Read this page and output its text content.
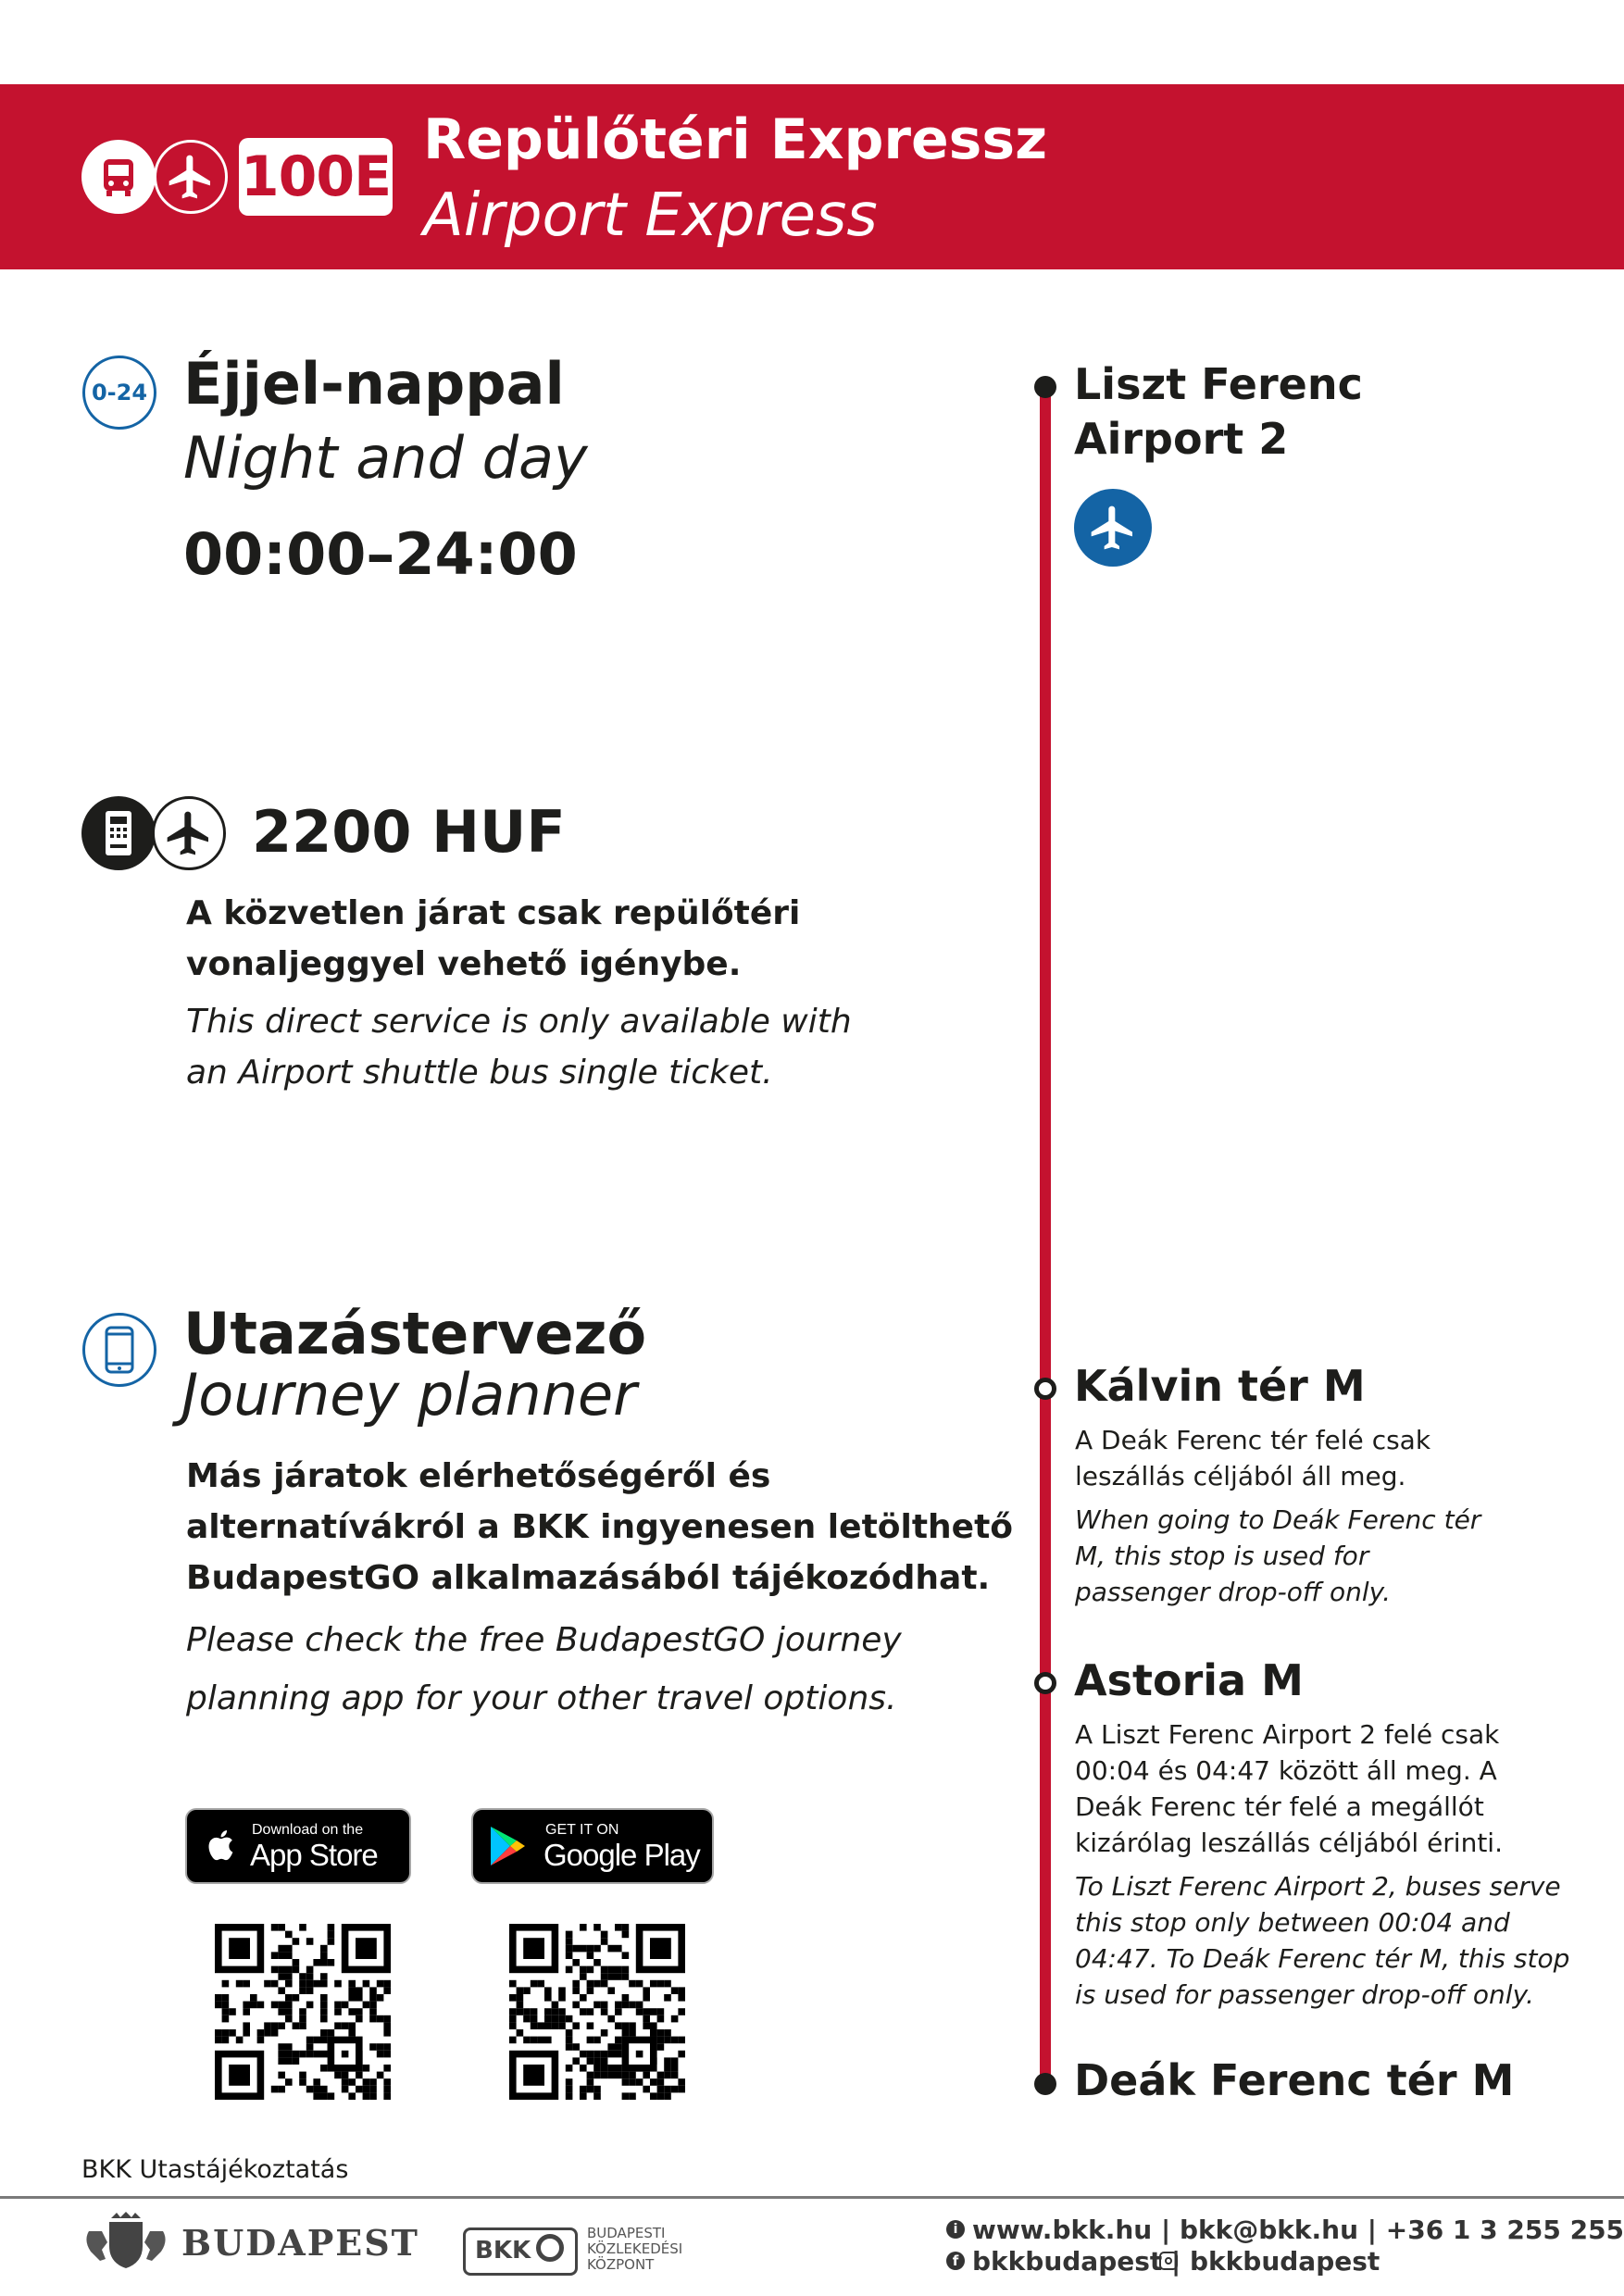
100E
Repülőtéri Expressz
Airport Express
0-24 Éjjel-nappal
Night and day
00:00–24:00
2200 HUF
A közvetlen járat csak repülőtéri vonaljeggyel vehető igénybe.
This direct service is only available with an Airport shuttle bus single ticket.
Utazástervező
Journey planner
Más járatok elérhetőségéről és alternatívákról a BKK ingyenesen letölthető BudapestGO alkalmazásából tájékozódhat.
Please check the free BudapestGO journey planning app for your other travel options.
Download on the
App Store
GET IT ON
Google Play
Liszt Ferenc
Airport 2
Kálvin tér M
A Deák Ferenc tér felé csak leszállás céljából áll meg.
When going to Deák Ferenc tér M, this stop is used for passenger drop-off only.
Astoria M
A Liszt Ferenc Airport 2 felé csak 00:04 és 04:47 között áll meg. A Deák Ferenc tér felé a megállót kizárólag leszállás céljából érinti.
To Liszt Ferenc Airport 2, buses serve this stop only between 00:04 and 04:47. To Deák Ferenc tér M, this stop is used for passenger drop-off only.
Deák Ferenc tér M
BKK Utastájékoztatás
BUDAPEST BKK
BUDAPESTI
KÖZLEKEDÉSI
KÖZPONT
i www.bkk.hu | bkk@bkk.hu | +36 1 3 255 255
f bkkbudapest | bkkbudapest
